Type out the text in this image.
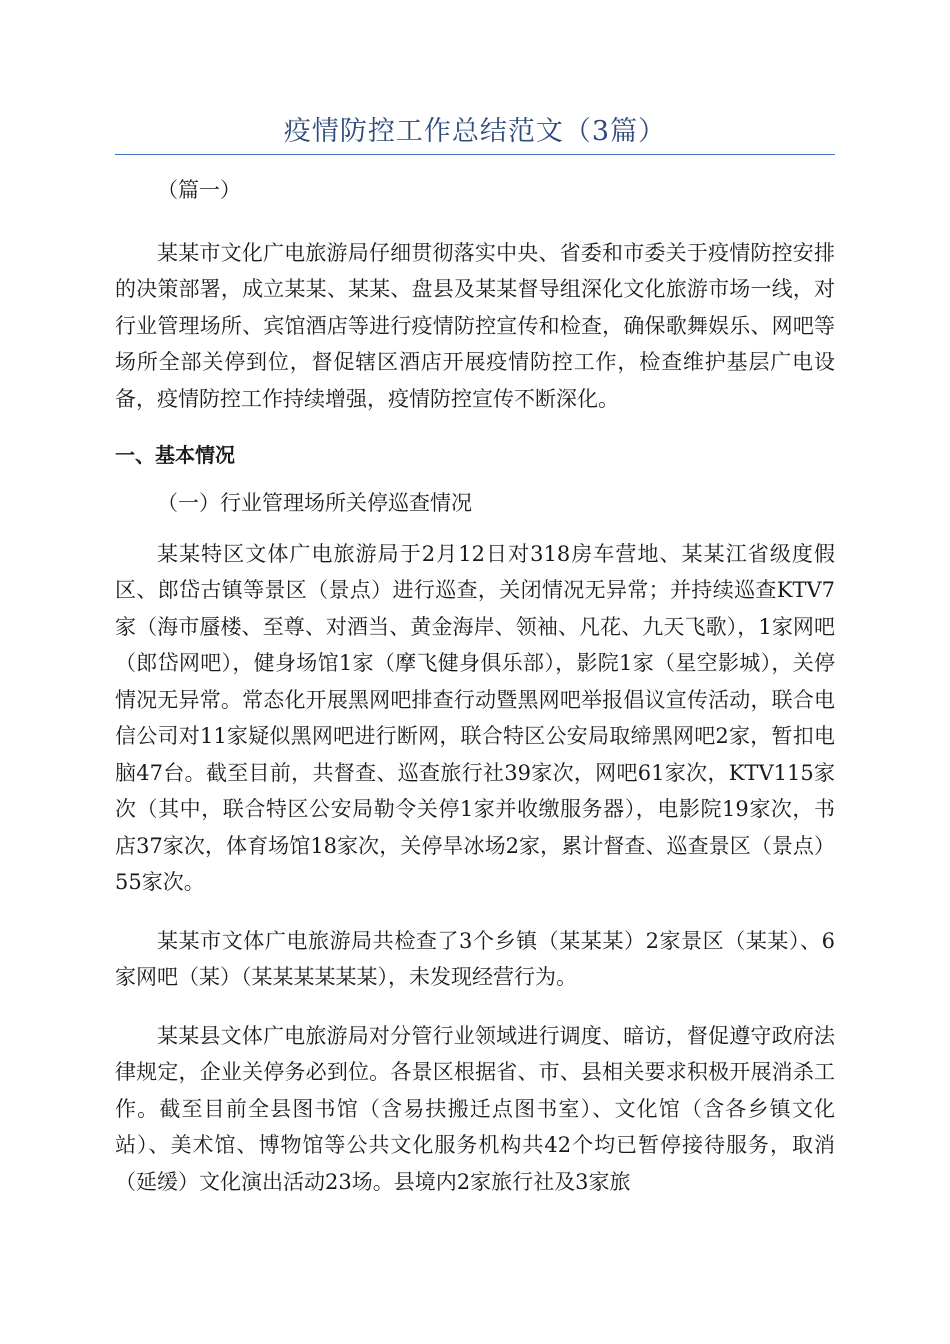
疫情防控工作总结范文（3篇）

（篇一）

某某市文化广电旅游局仔细贯彻落实中央、省委和市委关于疫情防控安排的决策部署，成立某某、某某、盘县及某某督导组深化文化旅游市场一线，对行业管理场所、宾馆酒店等进行疫情防控宣传和检查，确保歌舞娱乐、网吧等场所全部关停到位，督促辖区酒店开展疫情防控工作，检查维护基层广电设备，疫情防控工作持续增强，疫情防控宣传不断深化。

一、基本情况

（一）行业管理场所关停巡查情况

某某特区文体广电旅游局于2月12日对318房车营地、某某江省级度假区、郎岱古镇等景区（景点）进行巡查，关闭情况无异常；并持续巡查KTV7家（海市蜃楼、至尊、对酒当、黄金海岸、领袖、凡花、九天飞歌），1家网吧（郎岱网吧），健身场馆1家（摩飞健身俱乐部），影院1家（星空影城），关停情况无异常。常态化开展黑网吧排查行动暨黑网吧举报倡议宣传活动，联合电信公司对11家疑似黑网吧进行断网，联合特区公安局取缔黑网吧2家，暂扣电脑47台。截至目前，共督查、巡查旅行社39家次，网吧61家次，KTV115家次（其中，联合特区公安局勒令关停1家并收缴服务器），电影院19家次，书店37家次，体育场馆18家次，关停旱冰场2家，累计督查、巡查景区（景点）55家次。

某某市文体广电旅游局共检查了3个乡镇（某某某）2家景区（某某）、6家网吧（某）（某某某某某某），未发现经营行为。

某某县文体广电旅游局对分管行业领域进行调度、暗访，督促遵守政府法律规定，企业关停务必到位。各景区根据省、市、县相关要求积极开展消杀工作。截至目前全县图书馆（含易扶搬迁点图书室）、文化馆（含各乡镇文化站）、美术馆、博物馆等公共文化服务机构共42个均已暂停接待服务，取消（延缓）文化演出活动23场。县境内2家旅行社及3家旅
